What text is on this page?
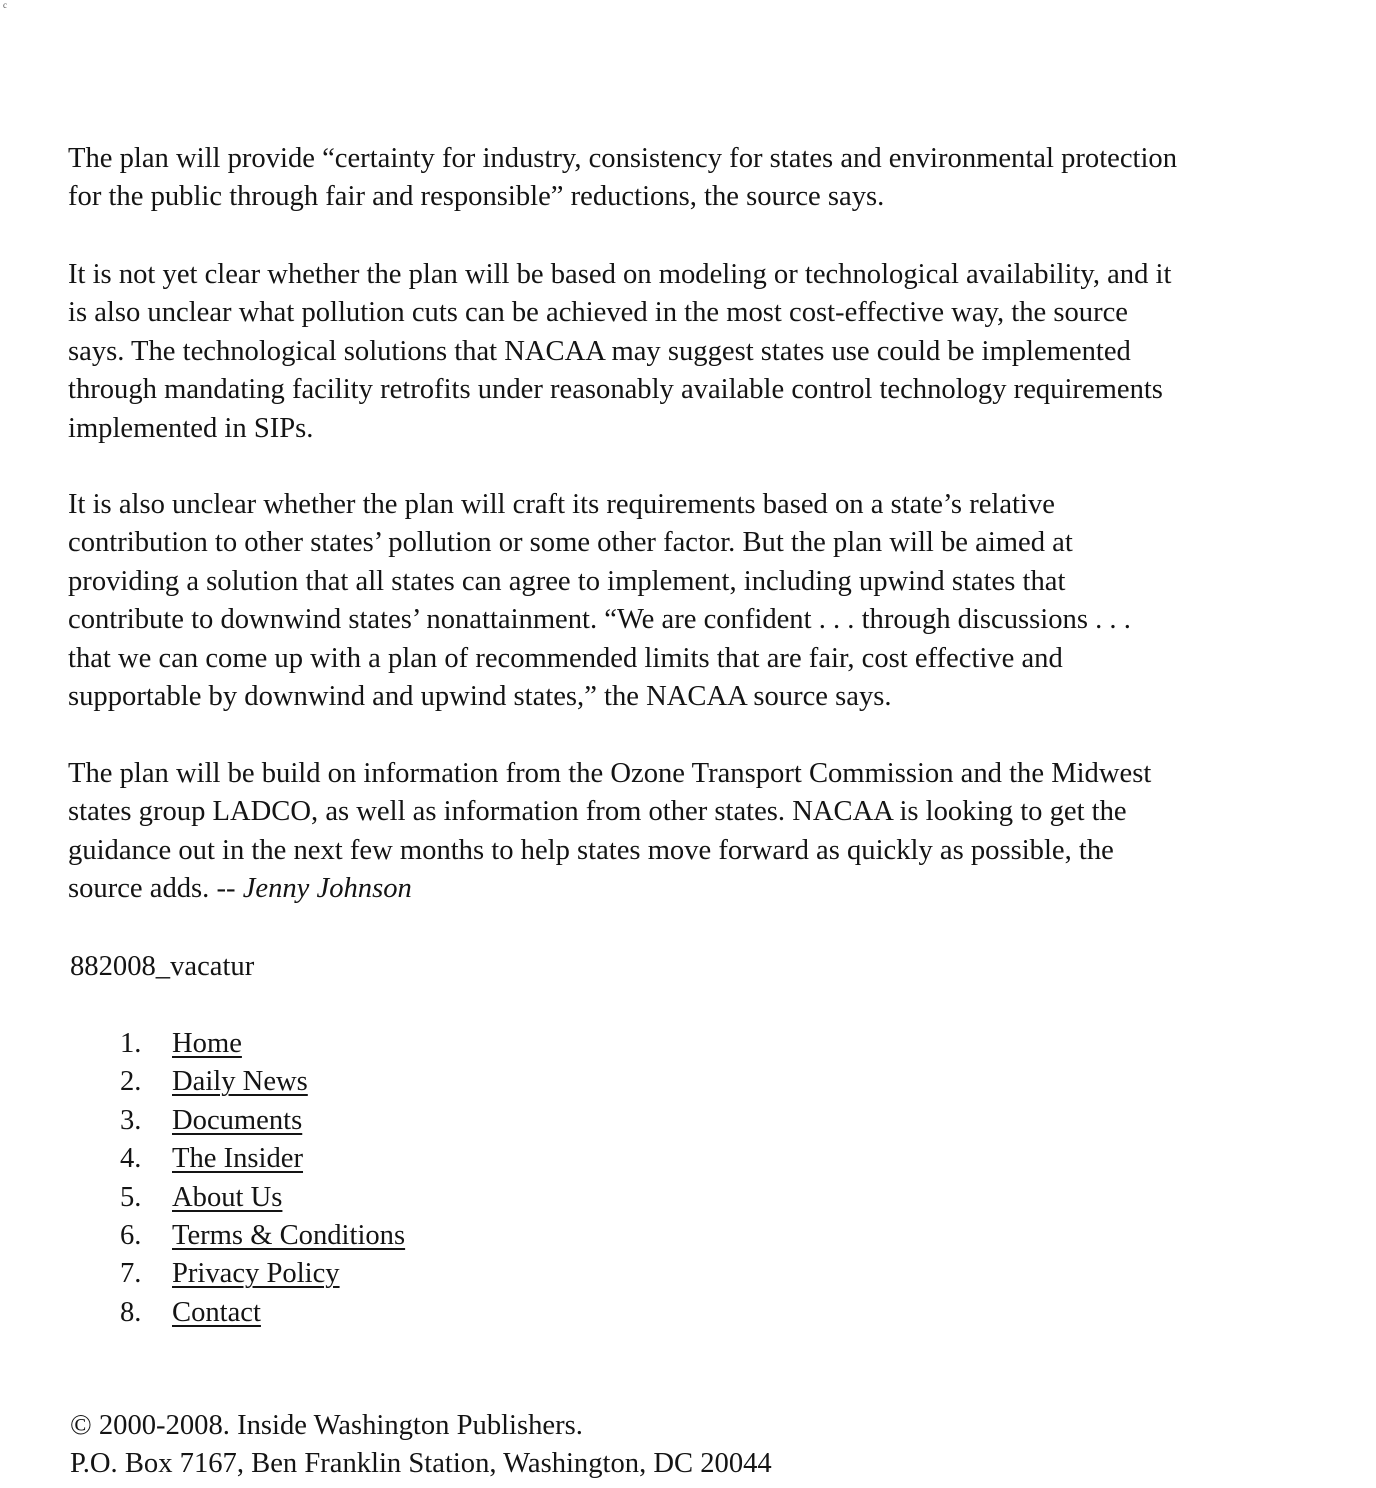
c

The plan will provide “certainty for industry, consistency for states and environmental protection
for the public through fair and responsible” reductions, the source says.

It is not yet clear whether the plan will be based on modeling or technological availability, and it
is also unclear what pollution cuts can be achieved in the most cost-effective way, the source
says. The technological solutions that NACAA may suggest states use could be implemented
through mandating facility retrofits under reasonably available control technology requirements
implemented in SIPs.

It is also unclear whether the plan will craft its requirements based on a state’s relative
contribution to other states’ pollution or some other factor. But the plan will be aimed at
providing a solution that all states can agree to implement, including upwind states that
contribute to downwind states’ nonattainment. “We are confident . . . through discussions . . .
that we can come up with a plan of recommended limits that are fair, cost effective and
supportable by downwind and upwind states,” the NACAA source says.

The plan will be build on information from the Ozone Transport Commission and the Midwest
states group LADCO, as well as information from other states. NACAA is looking to get the
guidance out in the next few months to help states move forward as quickly as possible, the
source adds. -- Jenny Johnson

882008_vacatur
1.	Home
2.	Daily News
3.	Documents
4.	The Insider
5.	About Us
6.	Terms & Conditions
7.	Privacy Policy
8.	Contact
© 2000-2008. Inside Washington Publishers.
P.O. Box 7167, Ben Franklin Station, Washington, DC 20044
